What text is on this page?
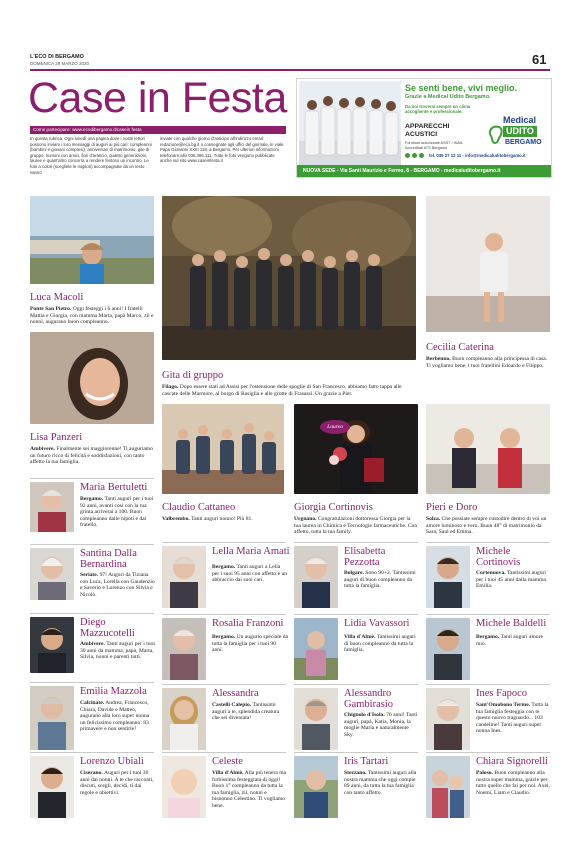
L'ECO DI BERGAMO
DOMENICA 29 MARZO 2020	61
Case in Festa
Come partecipare: www.ecodibergamo.it/casein festa
In questa rubrica. Ogni lunedì una pagina dove i nostri lettori possono inviare i loro messaggi di auguri ai più cari: compleanni (bambini e giovani compresi), anniversari di matrimonio, gite di gruppo, riunioni con amici, fiori d'arancio, quattro generazioni, lauree e quant'altro concorra a rendere festoso un incontro. Le foto a colori (scegliete le migliori) accompagnate da un testo vanno
inviate con qualche giorno d'anticipo all'indirizzo email: redazione@eco.bg.it o consegnate agli uffici del giornale, in viale Papa Giovanni XXIII 118, a Bergamo. Per ulteriori informazioni telefonare allo 035.386.111. Tutte le foto vengono pubblicate anche sul sito www.caseinfesta.it
Se senti bene, vivi meglio.
Grazie a Medical Udito Bergamo.
Da noi troverai sempre un clima accogliente e professionale.
APPARECCHI ACUSTICI
Forniture autorizzate ASST / INAIL
Accreditati ATS Bergamo
Medical
UDITO
BERGAMO
tel. 035 27 12 11 - info@medicaluditobergamo.it
NUOVA SEDE - Via Santi Maurizio e Fermo, 8 - BERGAMO - medicaluditobergamo.it
Luca Macoli
Ponte San Pietro. Oggi festeggi i 6 anni! I fratelli Mattia e Giorgia, con mamma Marta, papà Marco, zii e nonni, augurano buon compleanno.
Lisa Panzeri
Ambivere. Finalmente sei maggiorenne! Ti auguriamo un futuro ricco di felicità e soddisfazioni, con tanto affetto la tua famiglia.
Gita di gruppo
Filago. Dopo essere stati ad Assisi per l'ostensione delle spoglie di San Francesco, abbiamo fatto tappa alle cascate delle Marmore, al borgo di Rasiglia e alle grotte di Frasassi. Un grazie a Pier.
Cecilia Caterina
Berbenno. Buon compleanno alla principessa di casa. Ti vogliamo bene, i tuoi fratellini Edoardo e Filippo.
Claudio Cattaneo
Valbrembo. Tanti auguri nonno! Più 81.
Laurea
Giorgia Cortinovis
Urgnano. Congratulazioni dottoressa Giorgia per la tua laurea in Chimica e Tecnologie farmaceutiche. Con affetto, tutta la tua family.
Pieri e Doro
Solza. Che possiate sempre custodire dentro di voi un amore luminoso e vero. Buon 48° di matrimonio da Sara, Saul ed Emma.
Maria Bertuletti
Bergamo. Tanti auguri per i tuoi 92 anni, avanti così con la tua grinta arriverai a 100. Buon compleanno dalle nipoti e dal fratello.
Santina Dalla Bernardina
Seriate. 97! Auguri da Tiziana con Luca, Lorella con Gaudenzio e Saverio e Lorenzo con Silvia e Nicolò.
Diego Mazzucotelli
Ambivere. Tanti auguri per i tuoi 30 anni da mamma, papà, Marta, Silvia, nonni e parenti tutti.
Emilia Mazzola
Calcinate. Andrea, Francesco, Chiara, Davide e Matteo, augurano alla loro super nonna un felicissimo compleanno: 83 primavere e non sentirle!
Lorenzo Ubiali
Ciserano. Auguri per i tuoi 30 anni dai nonni. A te che racconti, discuti, scegli, decidi, ti dai regole e obiettivi.
Lella Maria Amati
Bergamo. Tanti auguri a Lella per i suoi 95 anni con affetto e un abbraccio dai suoi cari.
Rosalia Franzoni
Bergamo. Un augurio speciale da tutta la famiglia per i tuoi 90 anni.
Alessandra
Castelli Calepio. Tantissimi auguri a te, splendida creatura che sei diventata!
Celeste
Villa d'Almè. Alla più tenera ma furbissima festeggiata di oggi! Buon 1° compleanno da tutta la tua famiglia, zii, nonni e bisnonno Celestino. Ti vogliamo bene.
Elisabetta Pezzotta
Bolgare. Sono 90+2. Tantissimi auguri di buon compleanno da tutta la famiglia.
Lidia Vavassori
Villa d'Almè. Tantissimi auguri di buon compleanno da tutta la famiglia.
Alessandro Gambirasio
Chignolo d'Isola. 76 anni! Tanti auguri, papà, Katia, Monia, la moglie Maria e naturalmente Sky.
Iris Tartari
Stezzano. Tantissimi auguri alla nostra mamma che oggi compie 89 anni, da tutta la tua famiglia con tanto affetto.
Michele Cortinovis
Cortenuova. Tantissimi auguri per i tuoi 45 anni dalla mamma Emilia.
Michele Baldelli
Bergamo. Tanti auguri amore mio.
Ines Fapoco
Sant'Omobono Terme. Tutta la tua famiglia festeggia con te questo nuovo traguardo... 103 candeline! Tanti auguri super nonna Ines.
Chiara Signorelli
Paloso. Buon compleanno alla nostra super mamma, grazie per tutto quello che fai per noi. Axel, Noemi, Liam e Claudio.
